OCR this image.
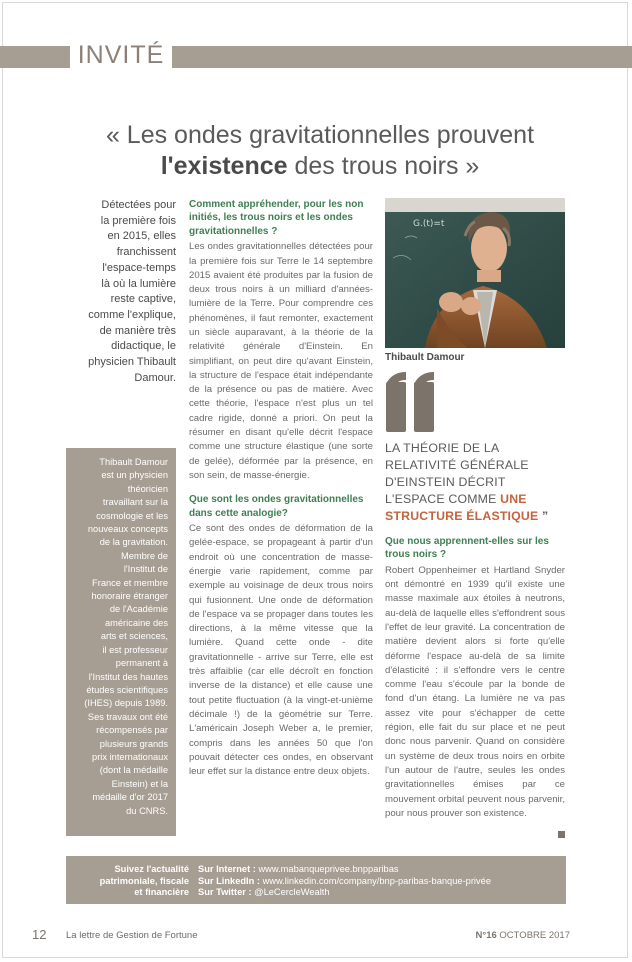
INVITÉ
« Les ondes gravitationnelles prouvent
l'existence des trous noirs »
Détectées pour
la première fois
en 2015, elles
franchissent
l'espace-temps
là où la lumière
reste captive,
comme l'explique,
de manière très
didactique, le
physicien Thibault
Damour.
Thibault Damour
est un physicien
théoricien
travaillant sur la
cosmologie et les
nouveaux concepts
de la gravitation.
Membre de
l'Institut de
France et membre
honoraire étranger
de l'Académie
américaine des
arts et sciences,
il est professeur
permanent à
l'Institut des hautes
études scientifiques
(IHES) depuis 1989.
Ses travaux ont été
récompensés par
plusieurs grands
prix internationaux
(dont la médaille
Einstein) et la
médaille d'or 2017
du CNRS.
Comment appréhender, pour les non initiés, les trous noirs et les ondes gravitationnelles ?
Les ondes gravitationnelles détectées pour la première fois sur Terre le 14 septembre 2015 avaient été produites par la fusion de deux trous noirs à un milliard d'années-lumière de la Terre. Pour comprendre ces phénomènes, il faut remonter, exactement un siècle auparavant, à la théorie de la relativité générale d'Einstein. En simplifiant, on peut dire qu'avant Einstein, la structure de l'espace était indépendante de la présence ou pas de matière. Avec cette théorie, l'espace n'est plus un tel cadre rigide, donné a priori. On peut la résumer en disant qu'elle décrit l'espace comme une structure élastique (une sorte de gelée), déformée par la présence, en son sein, de masse-énergie.
Que sont les ondes gravitationnelles dans cette analogie?
Ce sont des ondes de déformation de la gelée-espace, se propageant à partir d'un endroit où une concentration de masse-énergie varie rapidement, comme par exemple au voisinage de deux trous noirs qui fusionnent. Une onde de déformation de l'espace va se propager dans toutes les directions, à la même vitesse que la lumière. Quand cette onde - dite gravitationnelle - arrive sur Terre, elle est très affaiblie (car elle décroît en fonction inverse de la distance) et elle cause une tout petite fluctuation (à la vingt-et-unième décimale !) de la géométrie sur Terre. L'américain Joseph Weber a, le premier, compris dans les années 50 que l'on pouvait détecter ces ondes, en observant leur effet sur la distance entre deux objets.
G.(t)=t
Thibault Damour
LA THÉORIE DE LA RELATIVITÉ GÉNÉRALE D'EINSTEIN DÉCRIT L'ESPACE COMME UNE STRUCTURE ÉLASTIQUE ”
Que nous apprennent-elles sur les trous noirs ?
Robert Oppenheimer et Hartland Snyder ont démontré en 1939 qu'il existe une masse maximale aux étoiles à neutrons, au-delà de laquelle elles s'effondrent sous l'effet de leur gravité. La concentration de matière devient alors si forte qu'elle déforme l'espace au-delà de sa limite d'élasticité : il s'effondre vers le centre comme l'eau s'écoule par la bonde de fond d'un étang. La lumière ne va pas assez vite pour s'échapper de cette région, elle fait du sur place et ne peut donc nous parvenir. Quand on considère un système de deux trous noirs en orbite l'un autour de l'autre, seules les ondes gravitationnelles émises par ce mouvement orbital peuvent nous parvenir, pour nous prouver son existence.
Suivez l'actualité
patrimoniale, fiscale
et financière
Sur Internet : www.mabanqueprivee.bnpparibas
Sur LinkedIn : www.linkedin.com/company/bnp-paribas-banque-privée
Sur Twitter : @LeCercleWealth
12 La lettre de Gestion de Fortune	N°16 OCTOBRE 2017
